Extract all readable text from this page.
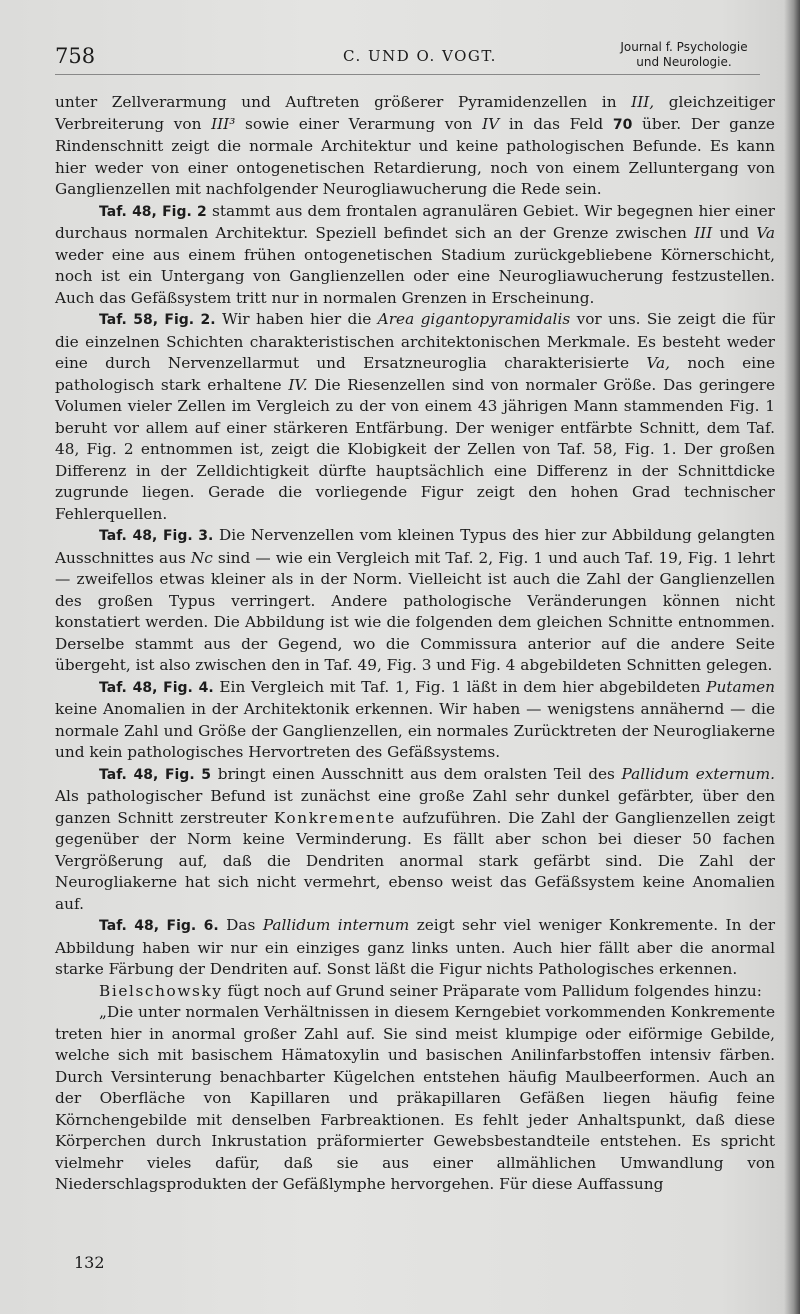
758	C. UND O. VOGT.	Journal f. Psychologie
und Neurologie.

unter Zellverarmung und Auftreten größerer Pyramidenzellen in III, gleichzeitiger Verbreiterung von III³ sowie einer Verarmung von IV in das Feld 70 über. Der ganze Rindenschnitt zeigt die normale Architektur und keine pathologischen Befunde. Es kann hier weder von einer ontogenetischen Retardierung, noch von einem Zelluntergang von Ganglienzellen mit nachfolgender Neurogliawucherung die Rede sein.

Taf. 48, Fig. 2 stammt aus dem frontalen agranulären Gebiet. Wir begegnen hier einer durchaus normalen Architektur. Speziell befindet sich an der Grenze zwischen III und Va weder eine aus einem frühen ontogenetischen Stadium zurückgebliebene Körnerschicht, noch ist ein Untergang von Ganglienzellen oder eine Neurogliawucherung festzustellen. Auch das Gefäßsystem tritt nur in normalen Grenzen in Erscheinung.

Taf. 58, Fig. 2. Wir haben hier die Area gigantopyramidalis vor uns. Sie zeigt die für die einzelnen Schichten charakteristischen architektonischen Merkmale. Es besteht weder eine durch Nervenzellarmut und Ersatzneuroglia charakterisierte Va, noch eine pathologisch stark erhaltene IV. Die Riesenzellen sind von normaler Größe. Das geringere Volumen vieler Zellen im Vergleich zu der von einem 43 jährigen Mann stammenden Fig. 1 beruht vor allem auf einer stärkeren Entfärbung. Der weniger entfärbte Schnitt, dem Taf. 48, Fig. 2 entnommen ist, zeigt die Klobigkeit der Zellen von Taf. 58, Fig. 1. Der großen Differenz in der Zelldichtigkeit dürfte hauptsächlich eine Differenz in der Schnittdicke zugrunde liegen. Gerade die vorliegende Figur zeigt den hohen Grad technischer Fehlerquellen.

Taf. 48, Fig. 3. Die Nervenzellen vom kleinen Typus des hier zur Abbildung gelangten Ausschnittes aus Nc sind — wie ein Vergleich mit Taf. 2, Fig. 1 und auch Taf. 19, Fig. 1 lehrt — zweifellos etwas kleiner als in der Norm. Vielleicht ist auch die Zahl der Ganglienzellen des großen Typus verringert. Andere pathologische Veränderungen können nicht konstatiert werden. Die Abbildung ist wie die folgenden dem gleichen Schnitte entnommen. Derselbe stammt aus der Gegend, wo die Commissura anterior auf die andere Seite übergeht, ist also zwischen den in Taf. 49, Fig. 3 und Fig. 4 abgebildeten Schnitten gelegen.

Taf. 48, Fig. 4. Ein Vergleich mit Taf. 1, Fig. 1 läßt in dem hier abgebildeten Putamen keine Anomalien in der Architektonik erkennen. Wir haben — wenigstens annähernd — die normale Zahl und Größe der Ganglienzellen, ein normales Zurücktreten der Neurogliakerne und kein pathologisches Hervortreten des Gefäßsystems.

Taf. 48, Fig. 5 bringt einen Ausschnitt aus dem oralsten Teil des Pallidum externum. Als pathologischer Befund ist zunächst eine große Zahl sehr dunkel gefärbter, über den ganzen Schnitt zerstreuter Konkremente aufzuführen. Die Zahl der Ganglienzellen zeigt gegenüber der Norm keine Verminderung. Es fällt aber schon bei dieser 50 fachen Vergrößerung auf, daß die Dendriten anormal stark gefärbt sind. Die Zahl der Neurogliakerne hat sich nicht vermehrt, ebenso weist das Gefäßsystem keine Anomalien auf.

Taf. 48, Fig. 6. Das Pallidum internum zeigt sehr viel weniger Konkremente. In der Abbildung haben wir nur ein einziges ganz links unten. Auch hier fällt aber die anormal starke Färbung der Dendriten auf. Sonst läßt die Figur nichts Pathologisches erkennen.

Bielschowsky fügt noch auf Grund seiner Präparate vom Pallidum folgendes hinzu:

„Die unter normalen Verhältnissen in diesem Kerngebiet vorkommenden Konkremente treten hier in anormal großer Zahl auf. Sie sind meist klumpige oder eiförmige Gebilde, welche sich mit basischem Hämatoxylin und basischen Anilinfarbstoffen intensiv färben. Durch Versinterung benachbarter Kügelchen entstehen häufig Maulbeerformen. Auch an der Oberfläche von Kapillaren und präkapillaren Gefäßen liegen häufig feine Körnchengebilde mit denselben Farbreaktionen. Es fehlt jeder Anhaltspunkt, daß diese Körperchen durch Inkrustation präformierter Gewebsbestandteile entstehen. Es spricht vielmehr vieles dafür, daß sie aus einer allmählichen Umwandlung von Niederschlagsprodukten der Gefäßlymphe hervorgehen. Für diese Auffassung

132
